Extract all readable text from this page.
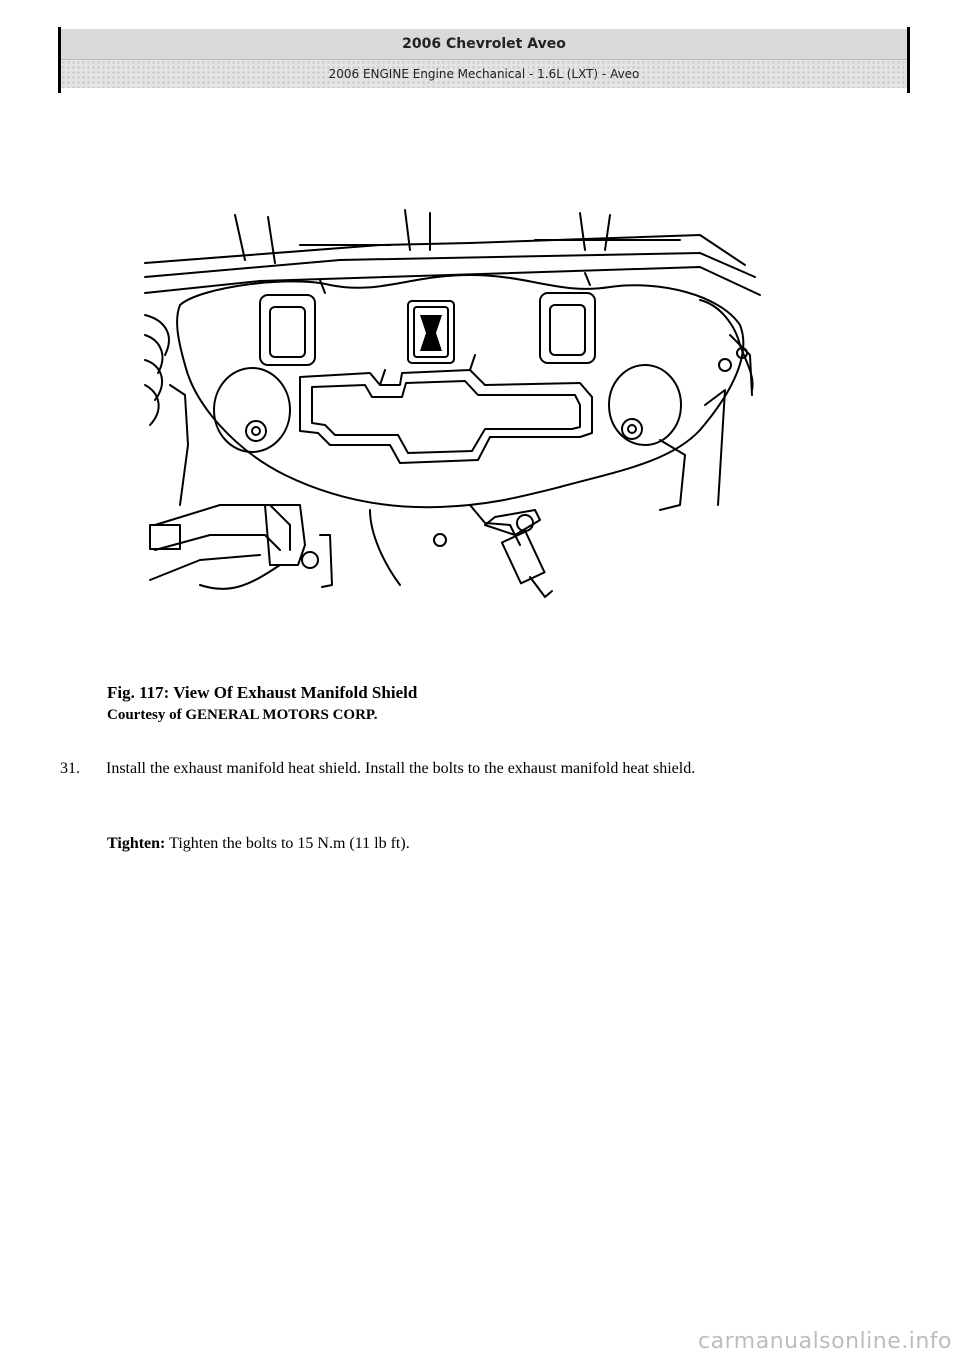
2006 Chevrolet Aveo
2006 ENGINE Engine Mechanical - 1.6L (LXT) - Aveo
Fig. 117: View Of Exhaust Manifold Shield
Courtesy of GENERAL MOTORS CORP.
31. Install the exhaust manifold heat shield. Install the bolts to the exhaust manifold heat shield.
Tighten: Tighten the bolts to 15 N.m (11 lb ft).
carmanualsonline.info
